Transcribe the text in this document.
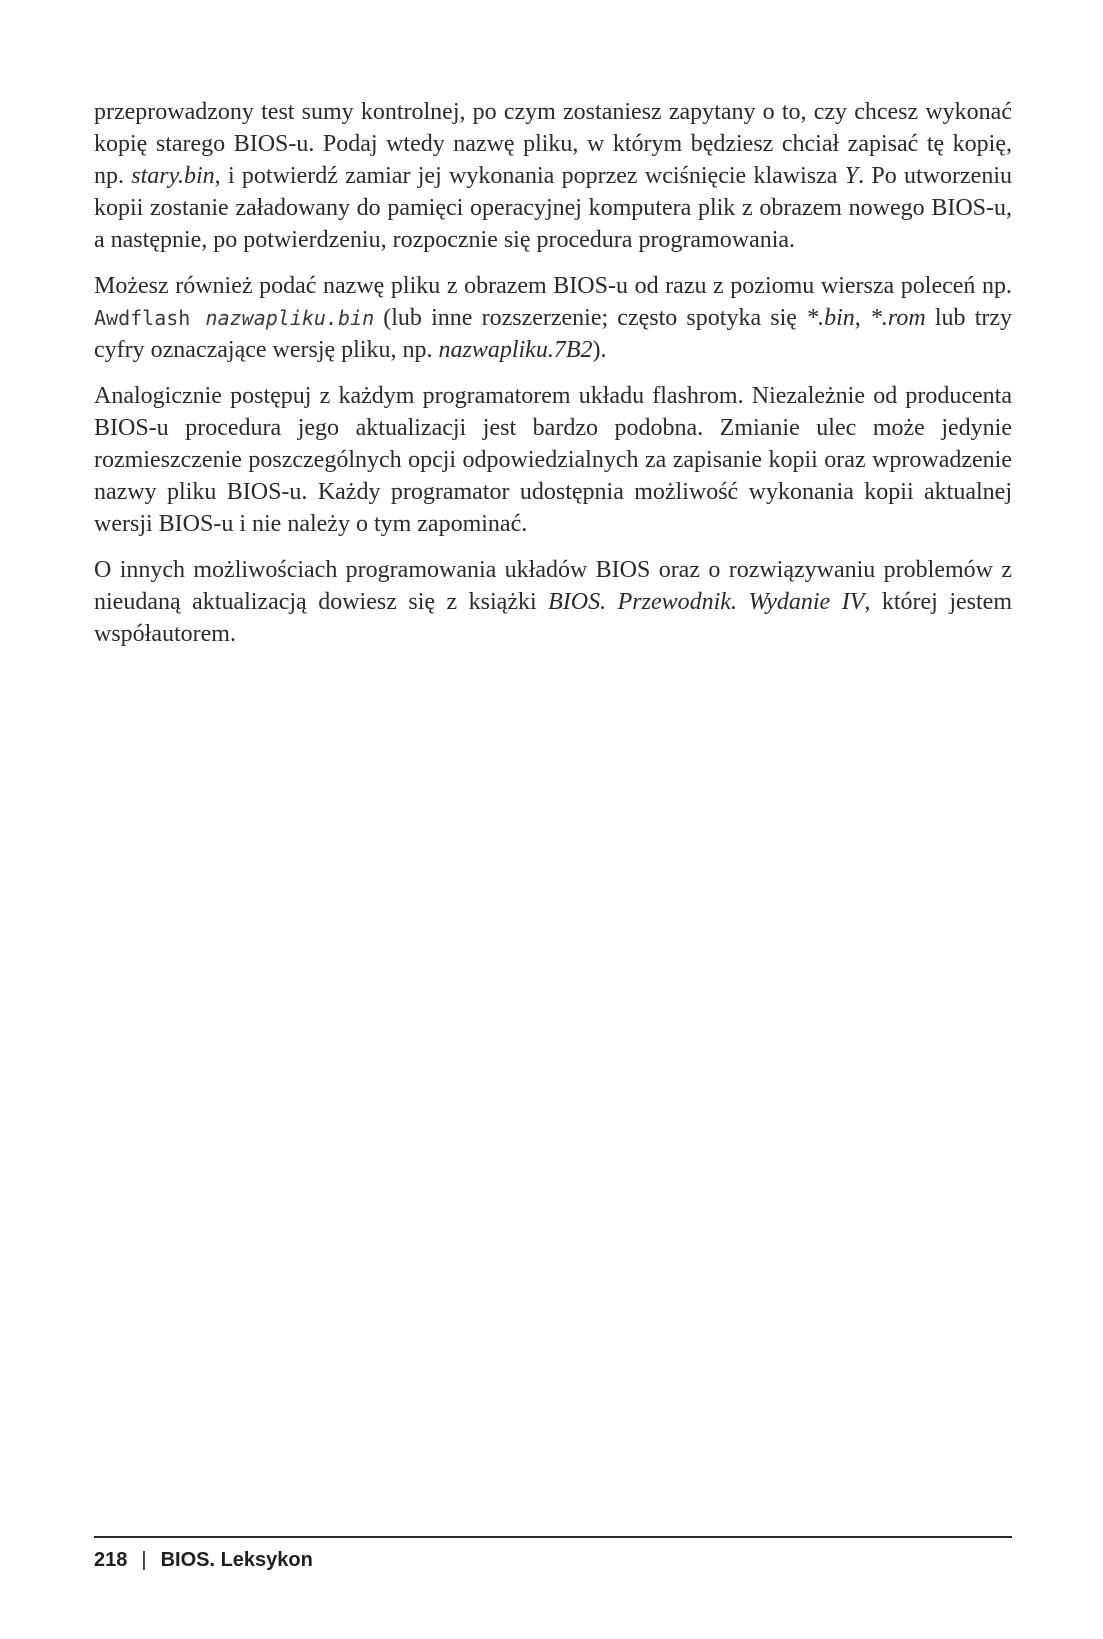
przeprowadzony test sumy kontrolnej, po czym zostaniesz zapytany o to, czy chcesz wykonać kopię starego BIOS-u. Podaj wtedy nazwę pliku, w którym będziesz chciał zapisać tę kopię, np. stary.bin, i potwierdź zamiar jej wykonania poprzez wciśnięcie klawisza Y. Po utworzeniu kopii zostanie załadowany do pamięci operacyjnej komputera plik z obrazem nowego BIOS-u, a następnie, po potwierdzeniu, rozpocznie się procedura programowania.

Możesz również podać nazwę pliku z obrazem BIOS-u od razu z poziomu wiersza poleceń np. Awdflash nazwapliku.bin (lub inne rozszerzenie; często spotyka się *.bin, *.rom lub trzy cyfry oznaczające wersję pliku, np. nazwapliku.7B2).

Analogicznie postępuj z każdym programatorem układu flashrom. Niezależnie od producenta BIOS-u procedura jego aktualizacji jest bardzo podobna. Zmianie ulec może jedynie rozmieszczenie poszczególnych opcji odpowiedzialnych za zapisanie kopii oraz wprowadzenie nazwy pliku BIOS-u. Każdy programator udostępnia możliwość wykonania kopii aktualnej wersji BIOS-u i nie należy o tym zapominać.

O innych możliwościach programowania układów BIOS oraz o rozwiązywaniu problemów z nieudaną aktualizacją dowiesz się z książki BIOS. Przewodnik. Wydanie IV, której jestem współautorem.

218 | BIOS. Leksykon
